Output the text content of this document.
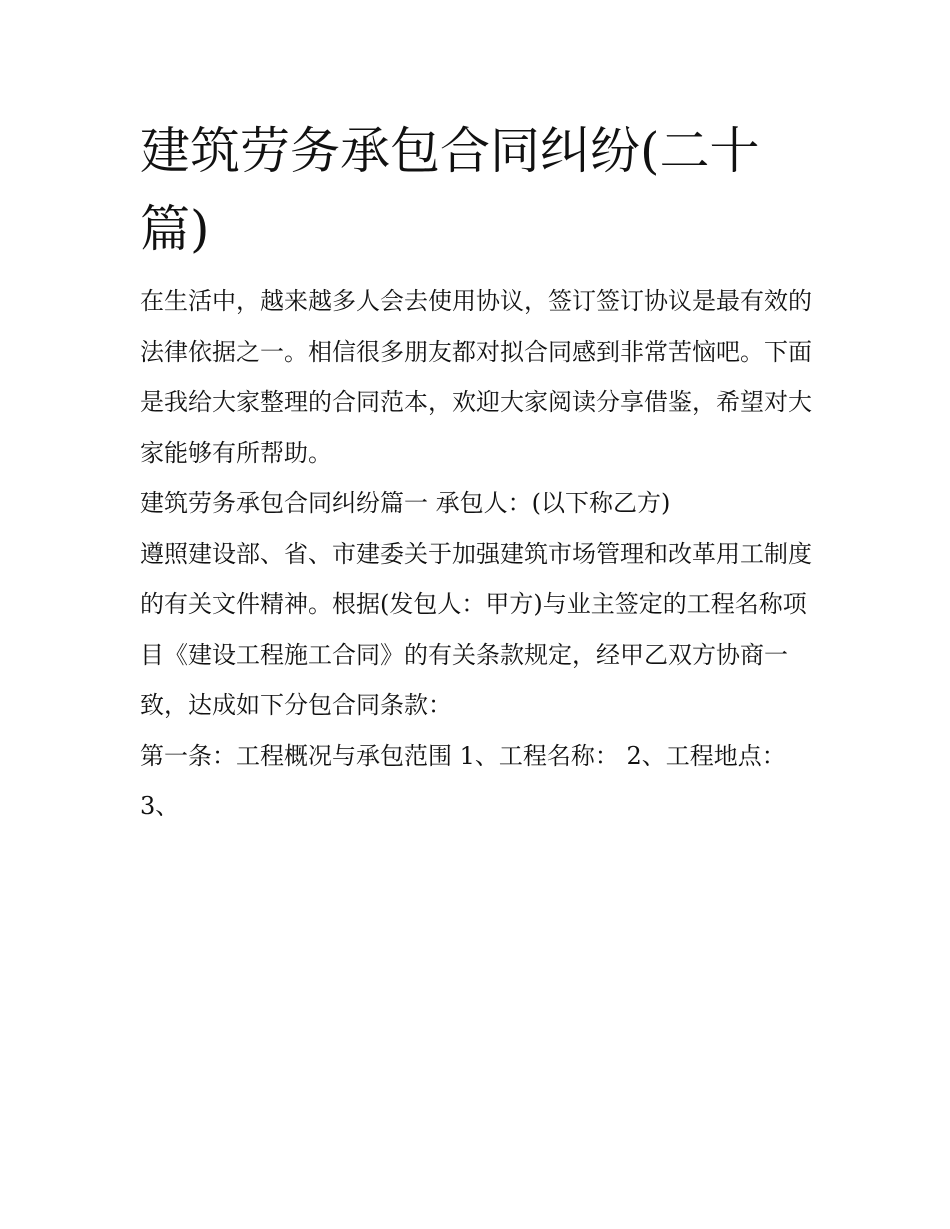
建筑劳务承包合同纠纷(二十篇)

在生活中，越来越多人会去使用协议，签订签订协议是最有效的法律依据之一。相信很多朋友都对拟合同感到非常苦恼吧。下面是我给大家整理的合同范本，欢迎大家阅读分享借鉴，希望对大家能够有所帮助。

建筑劳务承包合同纠纷篇一 承包人：(以下称乙方)

遵照建设部、省、市建委关于加强建筑市场管理和改革用工制度的有关文件精神。根据(发包人：甲方)与业主签定的工程名称项目《建设工程施工合同》的有关条款规定，经甲乙双方协商一致，达成如下分包合同条款：

第一条：工程概况与承包范围 1、工程名称： 2、工程地点： 3、
